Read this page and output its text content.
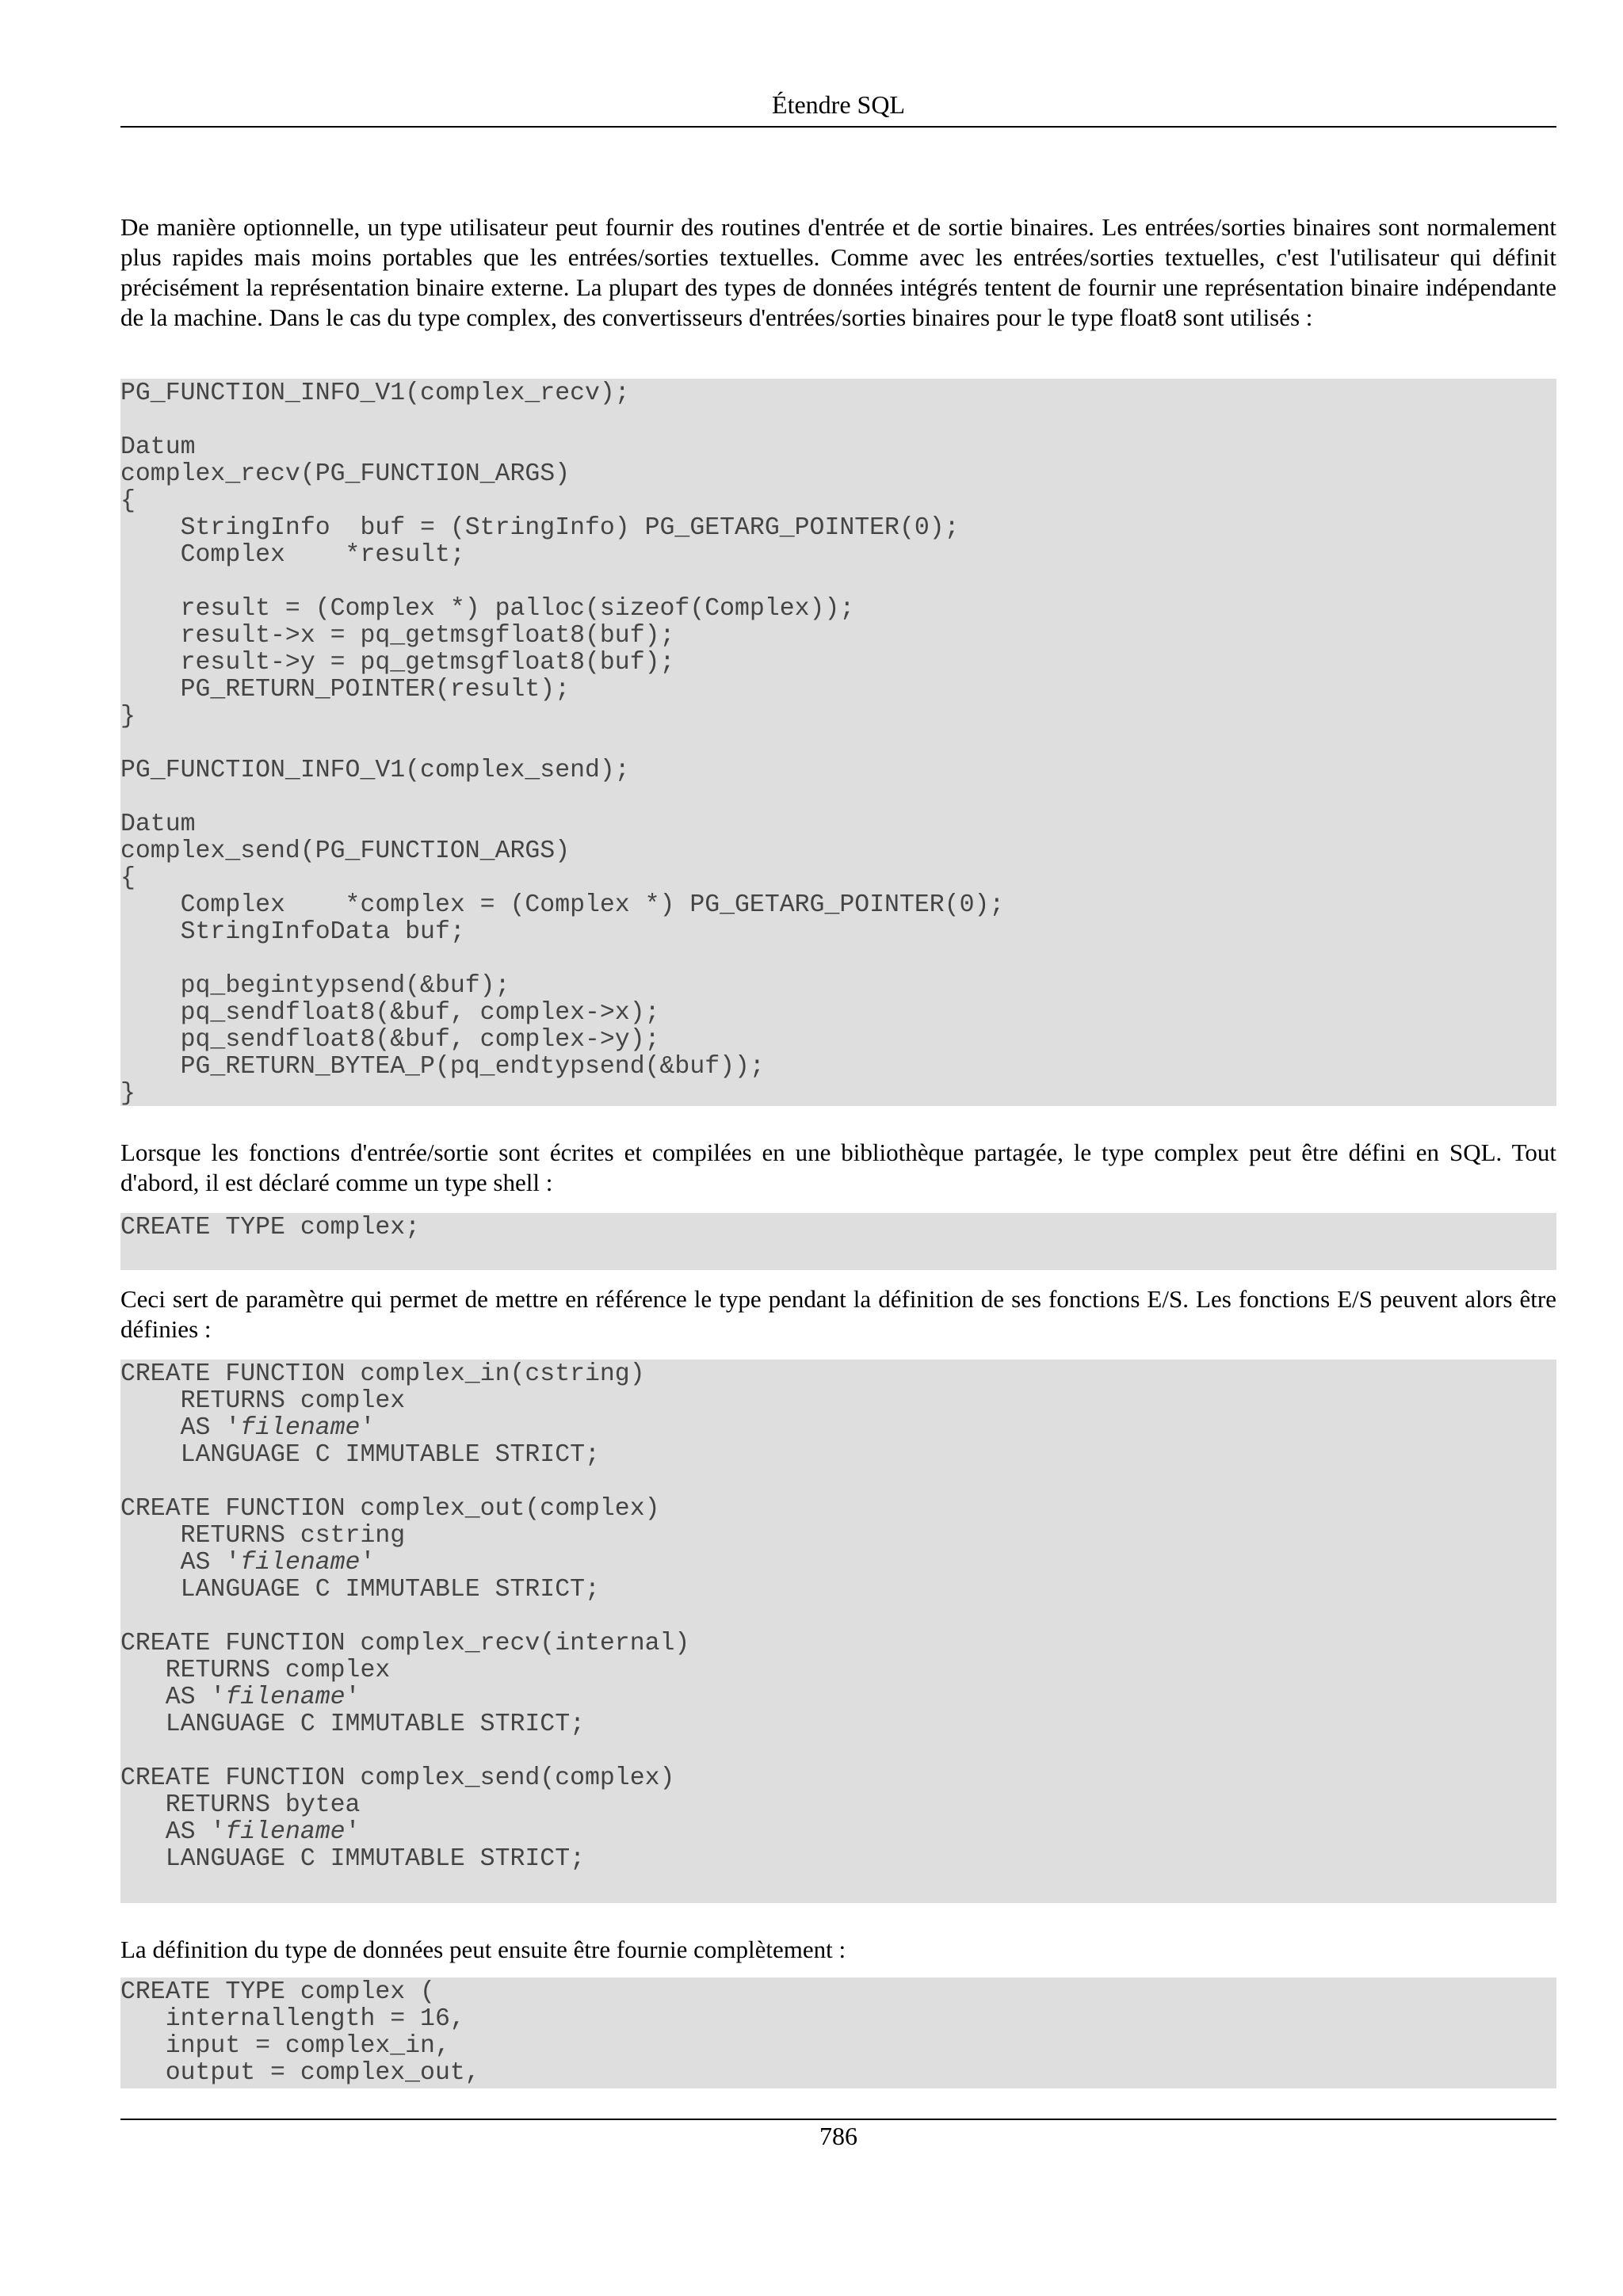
Étendre SQL

De manière optionnelle, un type utilisateur peut fournir des routines d'entrée et de sortie binaires. Les entrées/sorties binaires sont normalement plus rapides mais moins portables que les entrées/sorties textuelles. Comme avec les entrées/sorties textuelles, c'est l'utilisateur qui définit précisément la représentation binaire externe. La plupart des types de données intégrés tentent de fournir une représentation binaire indépendante de la machine. Dans le cas du type complex, des convertisseurs d'entrées/sorties binaires pour le type float8 sont utilisés :

PG_FUNCTION_INFO_V1(complex_recv);

Datum
complex_recv(PG_FUNCTION_ARGS)
{
StringInfo  buf = (StringInfo) PG_GETARG_POINTER(0);
Complex    *result;

result = (Complex *) palloc(sizeof(Complex));
result->x = pq_getmsgfloat8(buf);
result->y = pq_getmsgfloat8(buf);
PG_RETURN_POINTER(result);
}

PG_FUNCTION_INFO_V1(complex_send);

Datum
complex_send(PG_FUNCTION_ARGS)
{
Complex    *complex = (Complex *) PG_GETARG_POINTER(0);
StringInfoData buf;

pq_begintypsend(&buf);
pq_sendfloat8(&buf, complex->x);
pq_sendfloat8(&buf, complex->y);
PG_RETURN_BYTEA_P(pq_endtypsend(&buf));
}

Lorsque les fonctions d'entrée/sortie sont écrites et compilées en une bibliothèque partagée, le type complex peut être défini en SQL. Tout d'abord, il est déclaré comme un type shell :

CREATE TYPE complex;

Ceci sert de paramètre qui permet de mettre en référence le type pendant la définition de ses fonctions E/S. Les fonctions E/S peuvent alors être définies :

CREATE FUNCTION complex_in(cstring)
RETURNS complex
AS 'filename'
LANGUAGE C IMMUTABLE STRICT;

CREATE FUNCTION complex_out(complex)
RETURNS cstring
AS 'filename'
LANGUAGE C IMMUTABLE STRICT;

CREATE FUNCTION complex_recv(internal)
RETURNS complex
AS 'filename'
LANGUAGE C IMMUTABLE STRICT;

CREATE FUNCTION complex_send(complex)
RETURNS bytea
AS 'filename'
LANGUAGE C IMMUTABLE STRICT;

La définition du type de données peut ensuite être fournie complètement :

CREATE TYPE complex (
internallength = 16,
input = complex_in,
output = complex_out,
786
